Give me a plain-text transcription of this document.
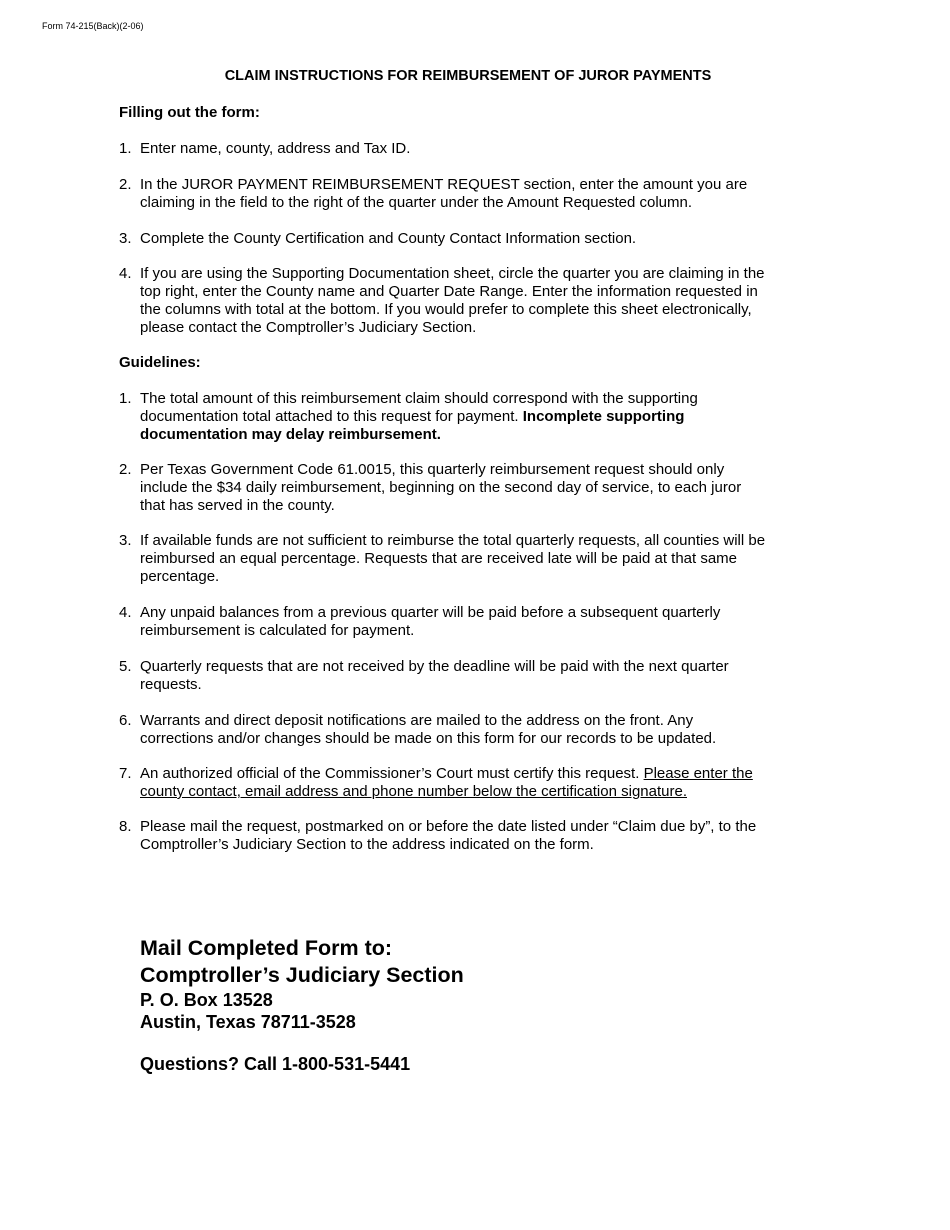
Form 74-215(Back)(2-06)
CLAIM INSTRUCTIONS FOR REIMBURSEMENT OF JUROR PAYMENTS
Filling out the form:
1. Enter name, county, address and Tax ID.
2. In the JUROR PAYMENT REIMBURSEMENT REQUEST section, enter the amount you are claiming in the field to the right of the quarter under the Amount Requested column.
3. Complete the County Certification and County Contact Information section.
4. If you are using the Supporting Documentation sheet, circle the quarter you are claiming in the top right, enter the County name and Quarter Date Range. Enter the information requested in the columns with total at the bottom. If you would prefer to complete this sheet electronically, please contact the Comptroller’s Judiciary Section.
Guidelines:
1. The total amount of this reimbursement claim should correspond with the supporting documentation total attached to this request for payment. Incomplete supporting documentation may delay reimbursement.
2. Per Texas Government Code 61.0015, this quarterly reimbursement request should only include the $34 daily reimbursement, beginning on the second day of service, to each juror that has served in the county.
3. If available funds are not sufficient to reimburse the total quarterly requests, all counties will be reimbursed an equal percentage. Requests that are received late will be paid at that same percentage.
4. Any unpaid balances from a previous quarter will be paid before a subsequent quarterly reimbursement is calculated for payment.
5. Quarterly requests that are not received by the deadline will be paid with the next quarter requests.
6. Warrants and direct deposit notifications are mailed to the address on the front. Any corrections and/or changes should be made on this form for our records to be updated.
7. An authorized official of the Commissioner’s Court must certify this request. Please enter the county contact, email address and phone number below the certification signature.
8. Please mail the request, postmarked on or before the date listed under “Claim due by”, to the Comptroller’s Judiciary Section to the address indicated on the form.
Mail Completed Form to:
Comptroller’s Judiciary Section
P. O. Box 13528
Austin, Texas 78711-3528
Questions? Call 1-800-531-5441
